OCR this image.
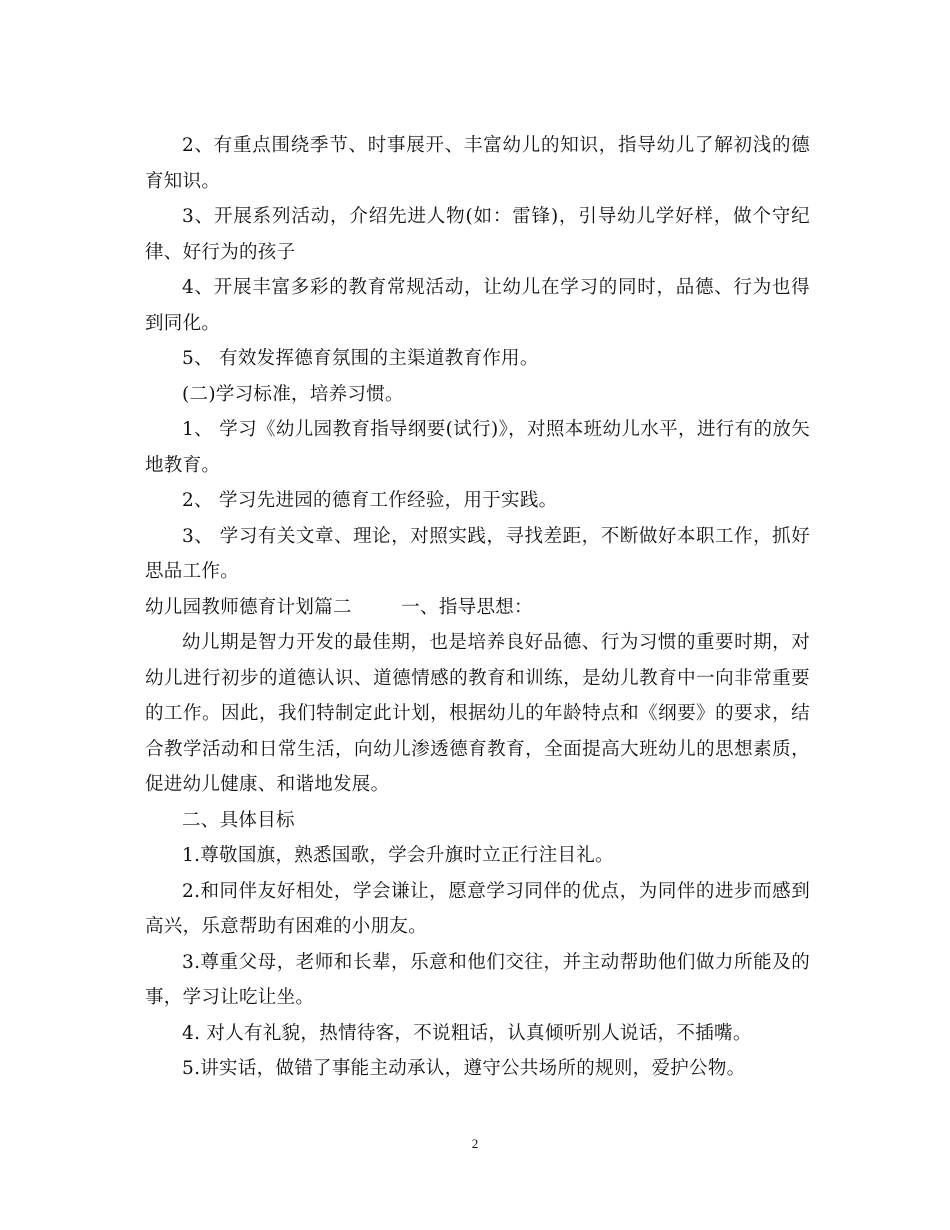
2、有重点围绕季节、时事展开、丰富幼儿的知识，指导幼儿了解初浅的德育知识。

3、开展系列活动，介绍先进人物(如：雷锋)，引导幼儿学好样，做个守纪律、好行为的孩子

4、开展丰富多彩的教育常规活动，让幼儿在学习的同时，品德、行为也得到同化。

5、 有效发挥德育氛围的主渠道教育作用。

(二)学习标准，培养习惯。

1、 学习《幼儿园教育指导纲要(试行)》，对照本班幼儿水平，进行有的放矢地教育。

2、 学习先进园的德育工作经验，用于实践。

3、 学习有关文章、理论，对照实践，寻找差距，不断做好本职工作，抓好思品工作。

幼儿园教师德育计划篇二        一、指导思想：

幼儿期是智力开发的最佳期，也是培养良好品德、行为习惯的重要时期，对幼儿进行初步的道德认识、道德情感的教育和训练，是幼儿教育中一向非常重要的工作。因此，我们特制定此计划，根据幼儿的年龄特点和《纲要》的要求，结合教学活动和日常生活，向幼儿渗透德育教育，全面提高大班幼儿的思想素质，促进幼儿健康、和谐地发展。

二、具体目标

1.尊敬国旗，熟悉国歌，学会升旗时立正行注目礼。

2.和同伴友好相处，学会谦让，愿意学习同伴的优点，为同伴的进步而感到高兴，乐意帮助有困难的小朋友。

3.尊重父母，老师和长辈，乐意和他们交往，并主动帮助他们做力所能及的事，学习让吃让坐。

4. 对人有礼貌，热情待客，不说粗话，认真倾听别人说话，不插嘴。

5.讲实话，做错了事能主动承认，遵守公共场所的规则，爱护公物。

2
